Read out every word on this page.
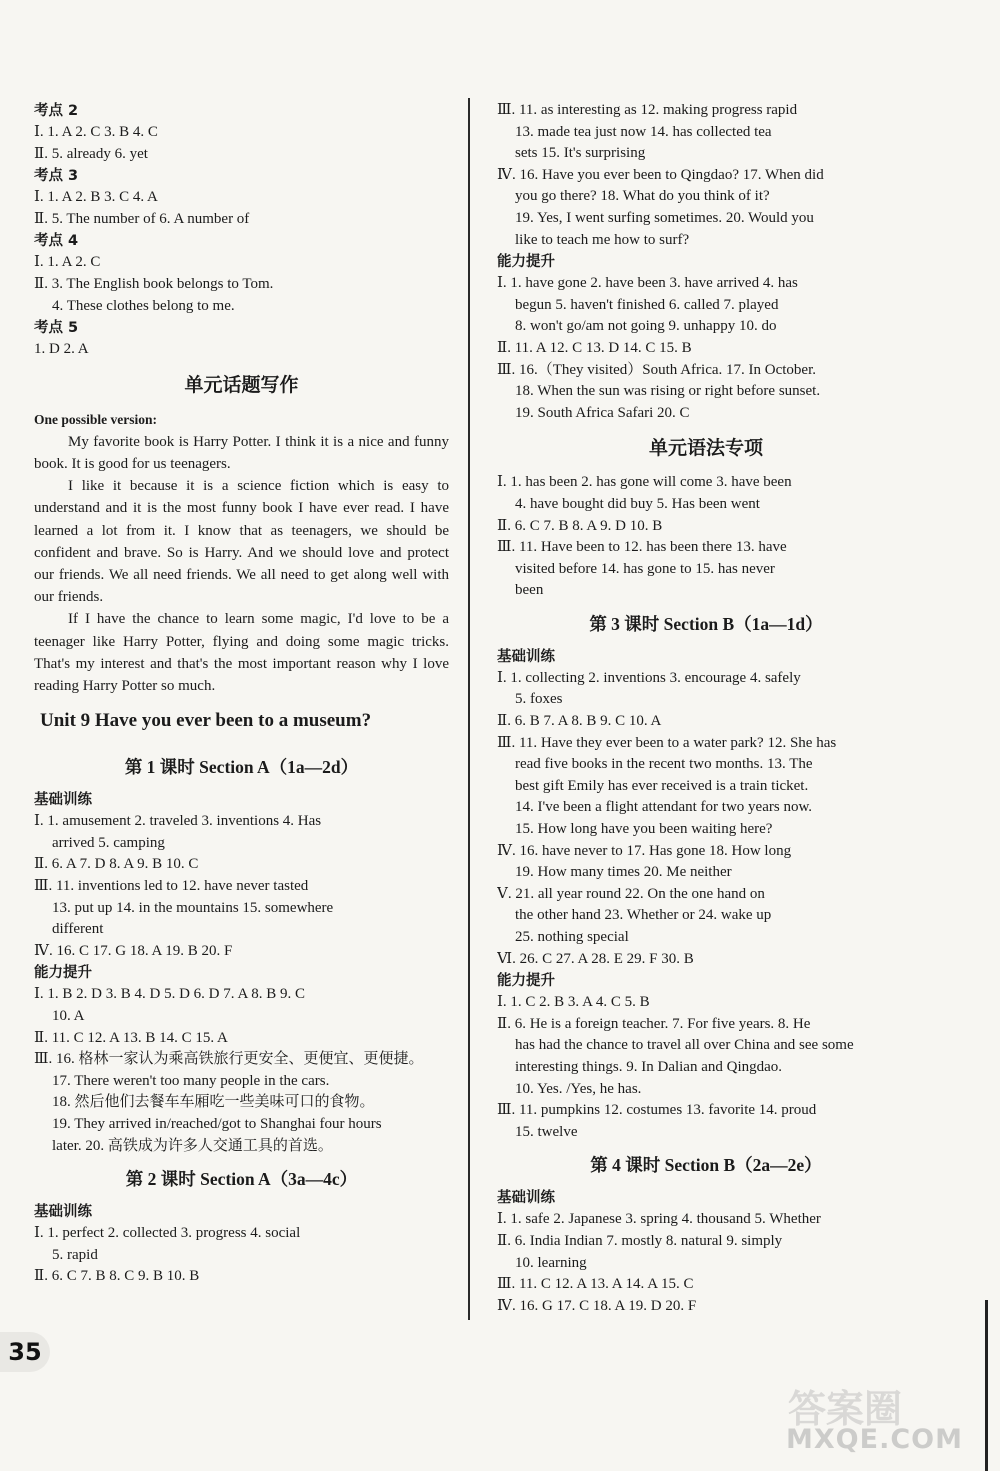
考点 2
Ⅰ. 1. A 2. C 3. B 4. C
Ⅱ. 5. already 6. yet
考点 3
Ⅰ. 1. A 2. B 3. C 4. A
Ⅱ. 5. The number of 6. A number of
考点 4
Ⅰ. 1. A 2. C
Ⅱ. 3. The English book belongs to Tom.
4. These clothes belong to me.
考点 5
1. D 2. A
单元话题写作
One possible version:

My favorite book is Harry Potter. I think it is a nice and funny book. It is good for us teenagers.

I like it because it is a science fiction which is easy to understand and it is the most funny book I have ever read. I have learned a lot from it. I know that as teenagers, we should be confident and brave. So is Harry. And we should love and protect our friends. We all need friends. We all need to get along well with our friends.

If I have the chance to learn some magic, I'd love to be a teenager like Harry Potter, flying and doing some magic tricks. That's my interest and that's the most important reason why I love reading Harry Potter so much.

Unit 9 Have you ever been to a museum?
第 1 课时 Section A（1a—2d）
基础训练
Ⅰ. 1. amusement 2. traveled 3. inventions 4. Has
arrived 5. camping
Ⅱ. 6. A 7. D 8. A 9. B 10. C
Ⅲ. 11. inventions led to 12. have never tasted
13. put up 14. in the mountains 15. somewhere
different
Ⅳ. 16. C 17. G 18. A 19. B 20. F
能力提升
Ⅰ. 1. B 2. D 3. B 4. D 5. D 6. D 7. A 8. B 9. C
10. A
Ⅱ. 11. C 12. A 13. B 14. C 15. A
Ⅲ. 16. 格林一家认为乘高铁旅行更安全、更便宜、更便捷。
17. There weren't too many people in the cars.
18. 然后他们去餐车车厢吃一些美味可口的食物。
19. They arrived in/reached/got to Shanghai four hours
later. 20. 高铁成为许多人交通工具的首选。
第 2 课时 Section A（3a—4c）
基础训练
Ⅰ. 1. perfect 2. collected 3. progress 4. social
5. rapid
Ⅱ. 6. C 7. B 8. C 9. B 10. B
Ⅲ. 11. as interesting as 12. making progress rapid
13. made tea just now 14. has collected tea
sets 15. It's surprising
Ⅳ. 16. Have you ever been to Qingdao? 17. When did
you go there? 18. What do you think of it?
19. Yes, I went surfing sometimes. 20. Would you
like to teach me how to surf?
能力提升
Ⅰ. 1. have gone 2. have been 3. have arrived 4. has
begun 5. haven't finished 6. called 7. played
8. won't go/am not going 9. unhappy 10. do
Ⅱ. 11. A 12. C 13. D 14. C 15. B
Ⅲ. 16.（They visited）South Africa. 17. In October.
18. When the sun was rising or right before sunset.
19. South Africa Safari 20. C
单元语法专项
Ⅰ. 1. has been 2. has gone will come 3. have been
4. have bought did buy 5. Has been went
Ⅱ. 6. C 7. B 8. A 9. D 10. B
Ⅲ. 11. Have been to 12. has been there 13. have
visited before 14. has gone to 15. has never
been
第 3 课时 Section B（1a—1d）
基础训练
Ⅰ. 1. collecting 2. inventions 3. encourage 4. safely
5. foxes
Ⅱ. 6. B 7. A 8. B 9. C 10. A
Ⅲ. 11. Have they ever been to a water park? 12. She has
read five books in the recent two months. 13. The
best gift Emily has ever received is a train ticket.
14. I've been a flight attendant for two years now.
15. How long have you been waiting here?
Ⅳ. 16. have never to 17. Has gone 18. How long
19. How many times 20. Me neither
Ⅴ. 21. all year round 22. On the one hand on
the other hand 23. Whether or 24. wake up
25. nothing special
Ⅵ. 26. C 27. A 28. E 29. F 30. B
能力提升
Ⅰ. 1. C 2. B 3. A 4. C 5. B
Ⅱ. 6. He is a foreign teacher. 7. For five years. 8. He
has had the chance to travel all over China and see some
interesting things. 9. In Dalian and Qingdao.
10. Yes. /Yes, he has.
Ⅲ. 11. pumpkins 12. costumes 13. favorite 14. proud
15. twelve
第 4 课时 Section B（2a—2e）
基础训练
Ⅰ. 1. safe 2. Japanese 3. spring 4. thousand 5. Whether
Ⅱ. 6. India Indian 7. mostly 8. natural 9. simply
10. learning
Ⅲ. 11. C 12. A 13. A 14. A 15. C
Ⅳ. 16. G 17. C 18. A 19. D 20. F
35
答案圈
MXQE.COM
